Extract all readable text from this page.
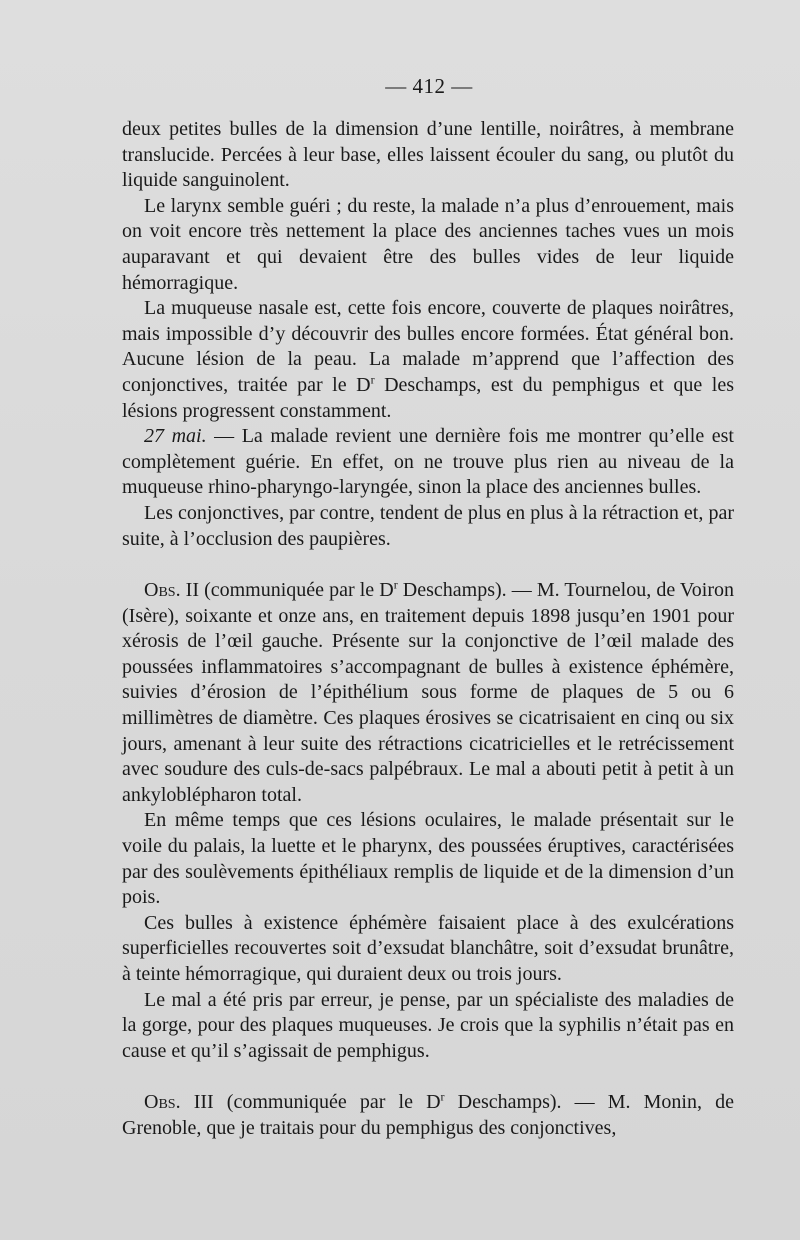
— 412 —

deux petites bulles de la dimension d’une lentille, noirâtres, à membrane translucide. Percées à leur base, elles laissent écouler du sang, ou plutôt du liquide sanguinolent.

Le larynx semble guéri ; du reste, la malade n’a plus d’enrouement, mais on voit encore très nettement la place des anciennes taches vues un mois auparavant et qui devaient être des bulles vides de leur liquide hémorragique.

La muqueuse nasale est, cette fois encore, couverte de plaques noirâtres, mais impossible d’y découvrir des bulles encore formées. État général bon. Aucune lésion de la peau. La malade m’apprend que l’affection des conjonctives, traitée par le $D^r$ Deschamps, est du pemphigus et que les lésions progressent constamment.

27 mai. — La malade revient une dernière fois me montrer qu’elle est complètement guérie. En effet, on ne trouve plus rien au niveau de la muqueuse rhino-pharyngo-laryngée, sinon la place des anciennes bulles.

Les conjonctives, par contre, tendent de plus en plus à la rétraction et, par suite, à l’occlusion des paupières.

Obs. II (communiquée par le $D^r$ Deschamps). — M. Tournelou, de Voiron (Isère), soixante et onze ans, en traitement depuis 1898 jusqu’en 1901 pour xérosis de l’œil gauche. Présente sur la conjonctive de l’œil malade des poussées inflammatoires s’accompagnant de bulles à existence éphémère, suivies d’érosion de l’épithélium sous forme de plaques de 5 ou 6 millimètres de diamètre. Ces plaques érosives se cicatrisaient en cinq ou six jours, amenant à leur suite des rétractions cicatricielles et le retrécissement avec soudure des culs-de-sacs palpébraux. Le mal a abouti petit à petit à un ankyloblépharon total.

En même temps que ces lésions oculaires, le malade présentait sur le voile du palais, la luette et le pharynx, des poussées éruptives, caractérisées par des soulèvements épithéliaux remplis de liquide et de la dimension d’un pois.

Ces bulles à existence éphémère faisaient place à des exulcérations superficielles recouvertes soit d’exsudat blanchâtre, soit d’exsudat brunâtre, à teinte hémorragique, qui duraient deux ou trois jours.

Le mal a été pris par erreur, je pense, par un spécialiste des maladies de la gorge, pour des plaques muqueuses. Je crois que la syphilis n’était pas en cause et qu’il s’agissait de pemphigus.

Obs. III (communiquée par le $D^r$ Deschamps). — M. Monin, de Grenoble, que je traitais pour du pemphigus des conjonctives,
